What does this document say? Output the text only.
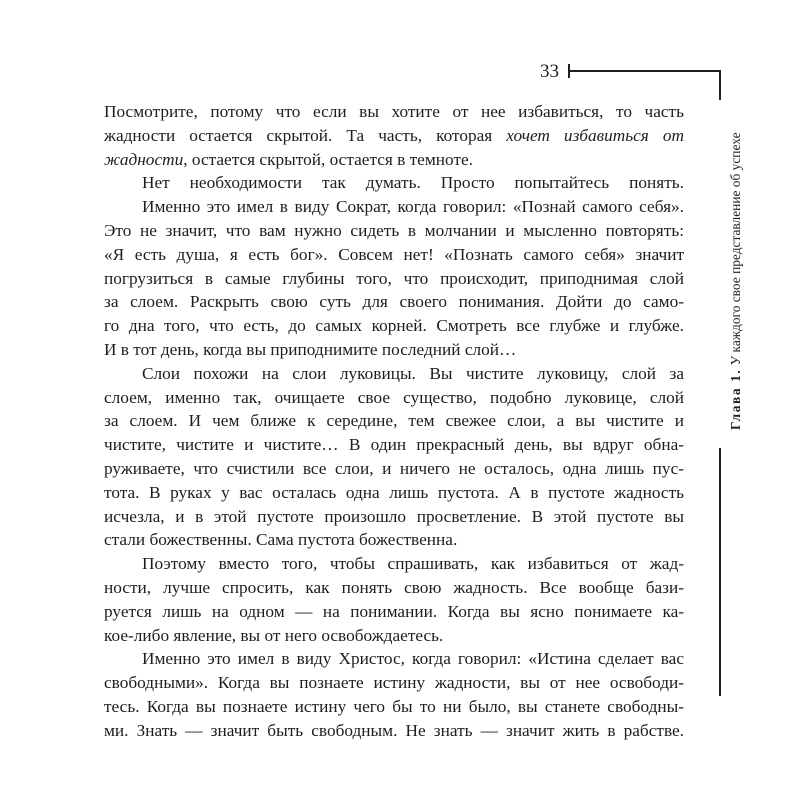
33
Глава 1. У каждого свое представление об успехе
Посмотрите, потому что если вы хотите от нее избавиться, то часть
жадности остается скрытой. Та часть, которая хочет избавиться от
жадности, остается скрытой, остается в темноте.
Нет необходимости так думать. Просто попытайтесь понять.
Именно это имел в виду Сократ, когда говорил: «Познай самого себя».
Это не значит, что вам нужно сидеть в молчании и мысленно повторять:
«Я есть душа, я есть бог». Совсем нет! «Познать самого себя» значит
погрузиться в самые глубины того, что происходит, приподнимая слой
за слоем. Раскрыть свою суть для своего понимания. Дойти до само-
го дна того, что есть, до самых корней. Смотреть все глубже и глубже.
И в тот день, когда вы приподнимите последний слой…
Слои похожи на слои луковицы. Вы чистите луковицу, слой за
слоем, именно так, очищаете свое существо, подобно луковице, слой
за слоем. И чем ближе к середине, тем свежее слои, а вы чистите и
чистите, чистите и чистите… В один прекрасный день, вы вдруг обна-
руживаете, что счистили все слои, и ничего не осталось, одна лишь пус-
тота. В руках у вас осталась одна лишь пустота. А в пустоте жадность
исчезла, и в этой пустоте произошло просветление. В этой пустоте вы
стали божественны. Сама пустота божественна.
Поэтому вместо того, чтобы спрашивать, как избавиться от жад-
ности, лучше спросить, как понять свою жадность. Все вообще бази-
руется лишь на одном — на понимании. Когда вы ясно понимаете ка-
кое-либо явление, вы от него освобождаетесь.
Именно это имел в виду Христос, когда говорил: «Истина сделает вас
свободными». Когда вы познаете истину жадности, вы от нее освободи-
тесь. Когда вы познаете истину чего бы то ни было, вы станете свободны-
ми. Знать — значит быть свободным. Не знать — значит жить в рабстве.
